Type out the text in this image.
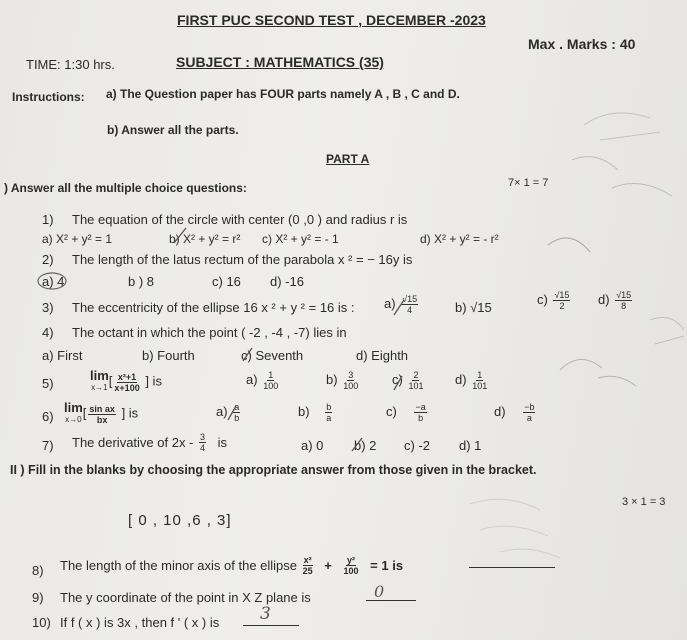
FIRST PUC SECOND TEST , DECEMBER -2023
Max . Marks : 40
TIME: 1:30 hrs.	SUBJECT : MATHEMATICS (35)
Instructions: a) The Question paper has FOUR parts namely A , B , C and D.
b) Answer all the parts.
PART A
) Answer all the multiple choice questions:	7× 1 = 7
1) The equation of the circle with center (0 ,0 ) and radius r is
a) X² + y² = 1	b) X² + y² = r² c) X² + y² = - 1	d) X² + y² = - r²
2) The length of the latus rectum of the parabola x ² = − 16y is
a) 4	b ) 8	c) 16 d) -16
3) The eccentricity of the ellipse 16 x ² + y ² = 16 is : $a) \frac{√15}{4}$	b) √15
$c) \frac{√15}{2} d) \frac{√15}{8}$
4) The octant in which the point ( -2 , -4 , -7) lies in
a) First	b) Fourth	c) Seventh	d) Eighth
5)
lim
x→1 [ $\frac{\text{x²+1}}{x+100}$ ] is	$a) \frac{1}{100}$	$b) \frac{3}{100}$	$c) \frac{2}{101} d) \frac{1}{101}$
6)
lim
x→0 [ $\frac{\text{sin ax}}{bx}$ ] is	$a) \frac{a}{b}$	$b) \frac{b}{a}$	$c) \frac{-a}{b}$	$d) \frac{-b}{a}$
7) The derivative of $2x - \frac{3}{4}$ is	a) 0 b) 2 c) -2 d) 1
II ) Fill in the blanks by choosing the appropriate answer from those given in the bracket.
3 × 1 = 3
[ 0 , 10 ,6 , 3]
8) The length of the minor axis of the ellipse $\frac{\text{x²}}{25} + \frac{\text{y²}}{100} = 1$ is
9) The y coordinate of the point in X Z plane is	0
10) If f ( x ) is 3x , then f ' ( x ) is 3
